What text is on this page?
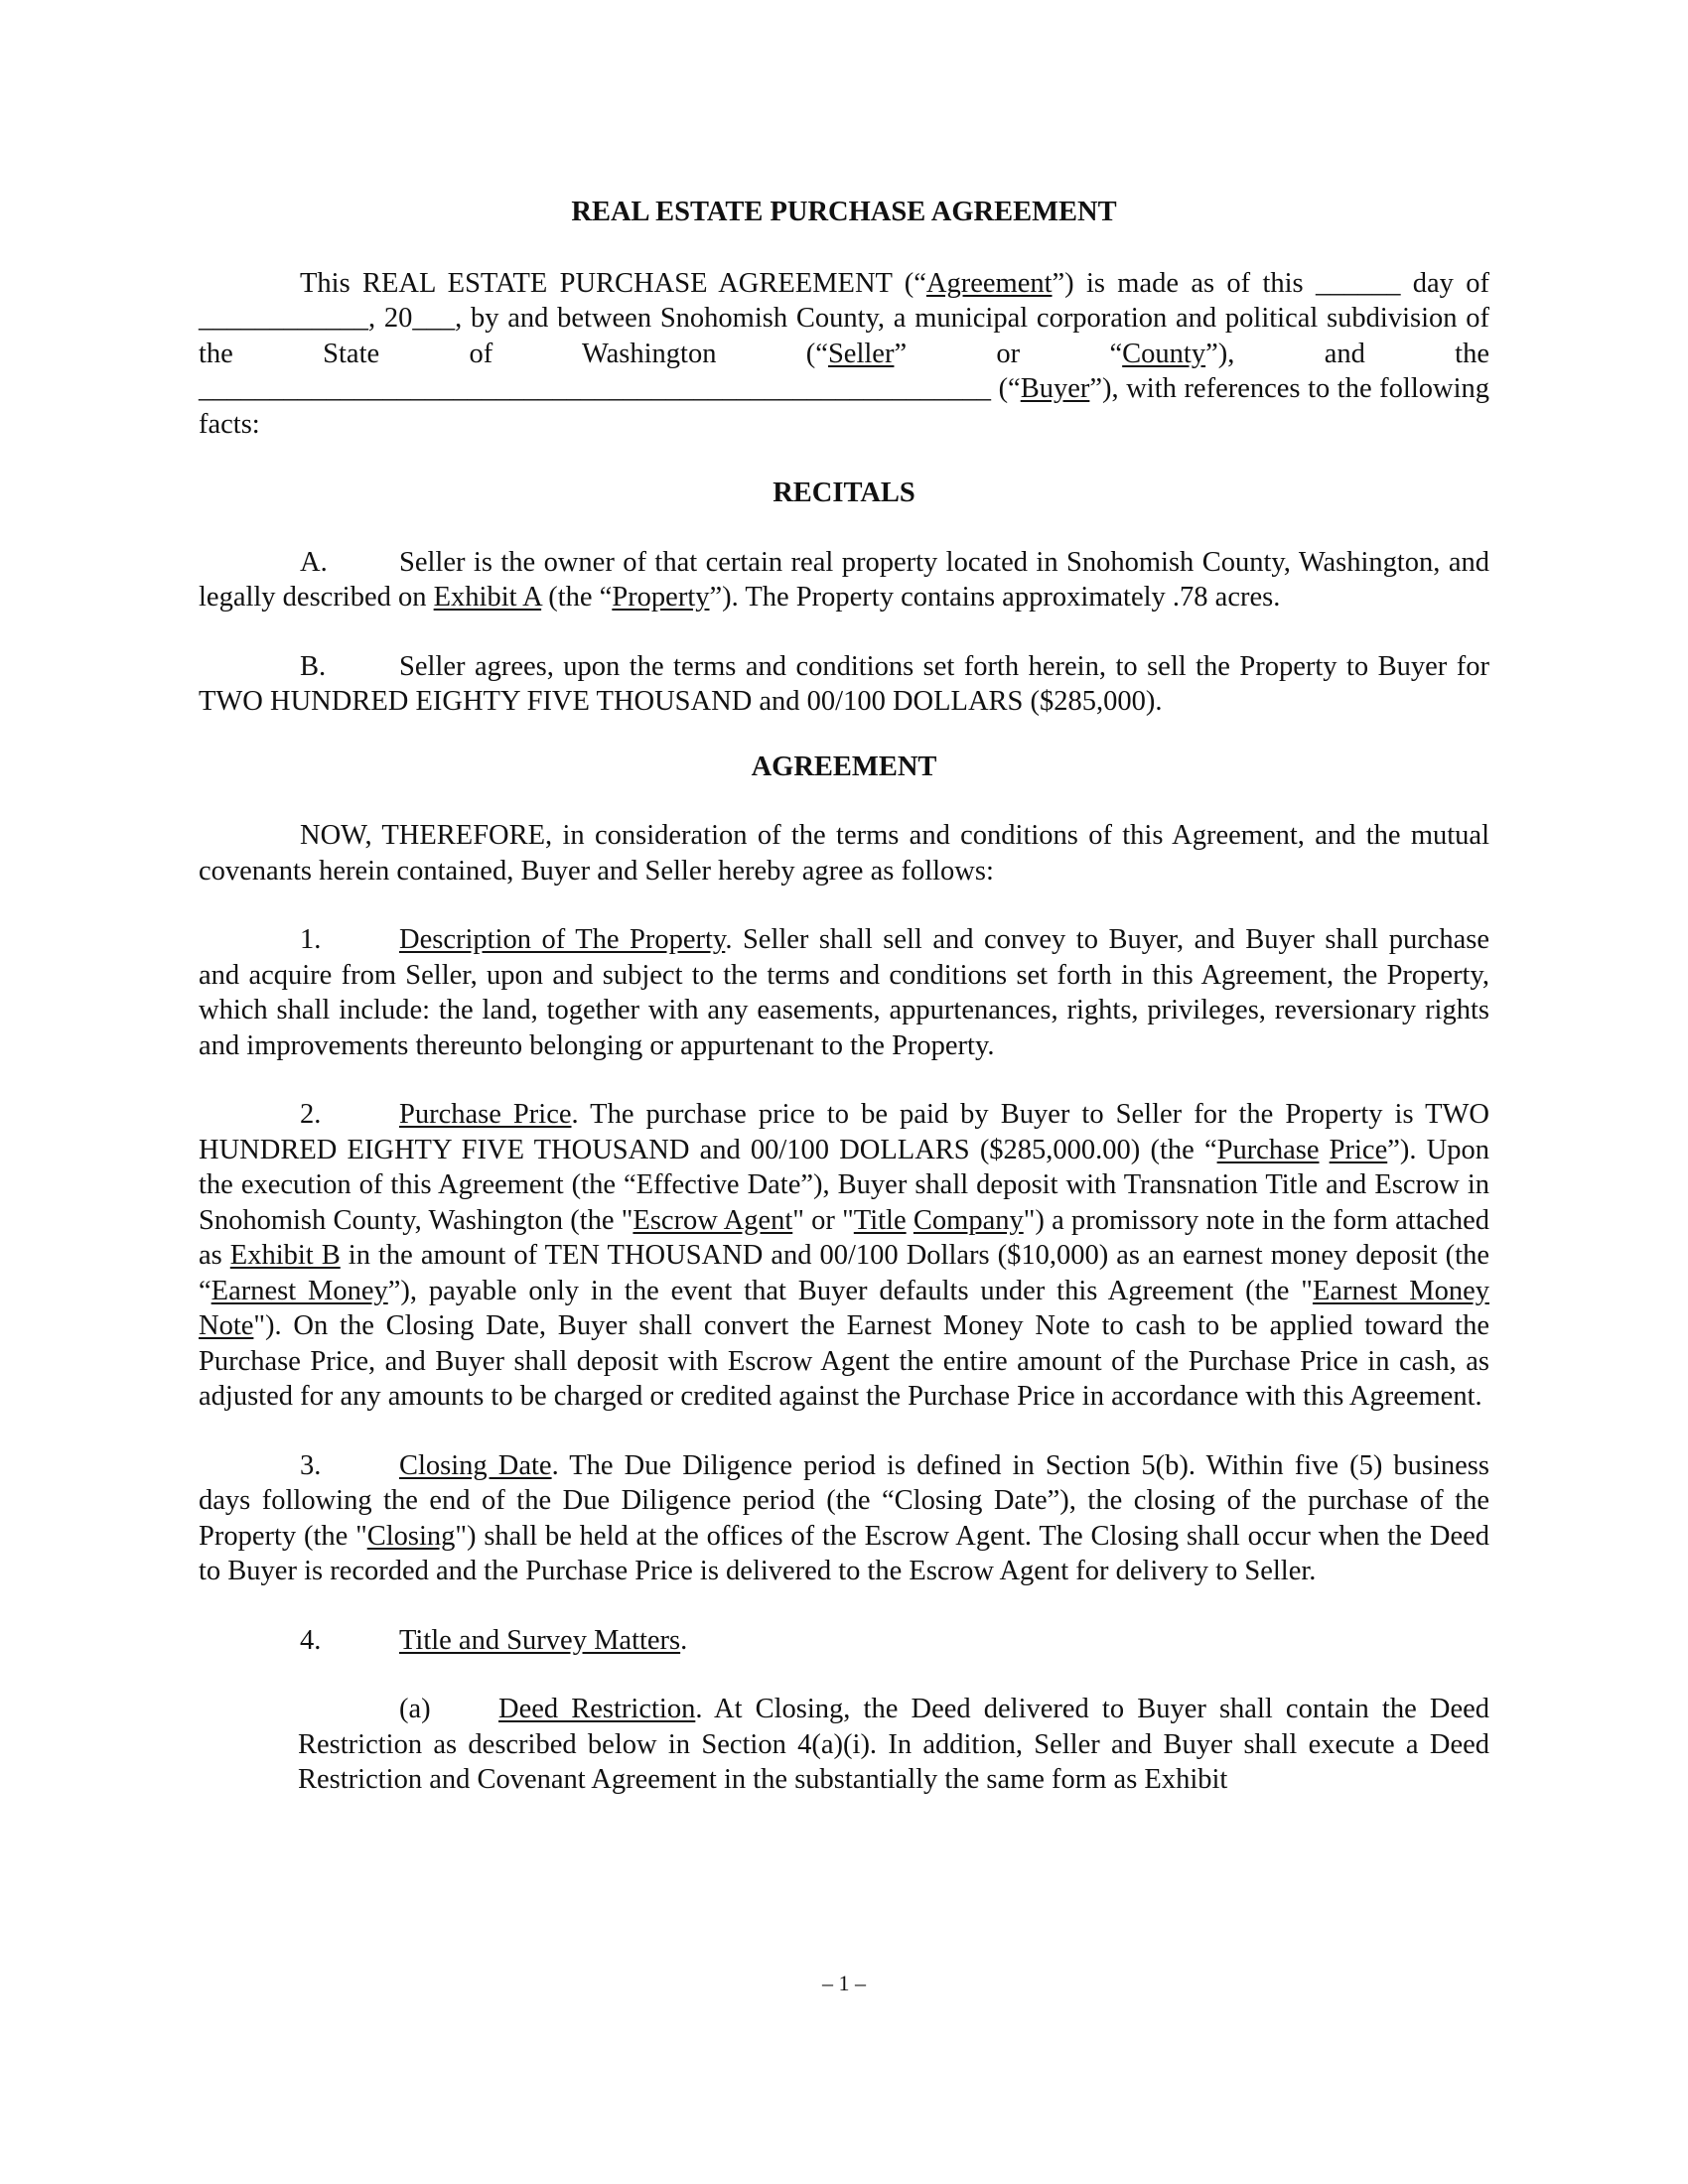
REAL ESTATE PURCHASE AGREEMENT

This REAL ESTATE PURCHASE AGREEMENT (“Agreement”) is made as of this ______ day of ____________, 20___, by and between Snohomish County, a municipal corporation and political subdivision of the State of Washington (“Seller” or “County”), and the ________________________________________________________ (“Buyer”), with references to the following facts:

RECITALS

A.	Seller is the owner of that certain real property located in Snohomish County, Washington, and legally described on Exhibit A (the “Property”). The Property contains approximately .78 acres.

B.	Seller agrees, upon the terms and conditions set forth herein, to sell the Property to Buyer for TWO HUNDRED EIGHTY FIVE THOUSAND and 00/100 DOLLARS ($285,000).

AGREEMENT

NOW, THEREFORE, in consideration of the terms and conditions of this Agreement, and the mutual covenants herein contained, Buyer and Seller hereby agree as follows:

1.	Description of The Property. Seller shall sell and convey to Buyer, and Buyer shall purchase and acquire from Seller, upon and subject to the terms and conditions set forth in this Agreement, the Property, which shall include: the land, together with any easements, appurtenances, rights, privileges, reversionary rights and improvements thereunto belonging or appurtenant to the Property.

2.	Purchase Price. The purchase price to be paid by Buyer to Seller for the Property is TWO HUNDRED EIGHTY FIVE THOUSAND and 00/100 DOLLARS ($285,000.00) (the “Purchase Price”). Upon the execution of this Agreement (the “Effective Date”), Buyer shall deposit with Transnation Title and Escrow in Snohomish County, Washington (the "Escrow Agent" or "Title Company") a promissory note in the form attached as Exhibit B in the amount of TEN THOUSAND and 00/100 Dollars ($10,000) as an earnest money deposit (the “Earnest Money”), payable only in the event that Buyer defaults under this Agreement (the "Earnest Money Note"). On the Closing Date, Buyer shall convert the Earnest Money Note to cash to be applied toward the Purchase Price, and Buyer shall deposit with Escrow Agent the entire amount of the Purchase Price in cash, as adjusted for any amounts to be charged or credited against the Purchase Price in accordance with this Agreement.

3.	Closing Date. The Due Diligence period is defined in Section 5(b). Within five (5) business days following the end of the Due Diligence period (the “Closing Date”), the closing of the purchase of the Property (the "Closing") shall be held at the offices of the Escrow Agent. The Closing shall occur when the Deed to Buyer is recorded and the Purchase Price is delivered to the Escrow Agent for delivery to Seller.

4.	Title and Survey Matters.

(a) Deed Restriction. At Closing, the Deed delivered to Buyer shall contain the Deed Restriction as described below in Section 4(a)(i). In addition, Seller and Buyer shall execute a Deed Restriction and Covenant Agreement in the substantially the same form as Exhibit

– 1 –
